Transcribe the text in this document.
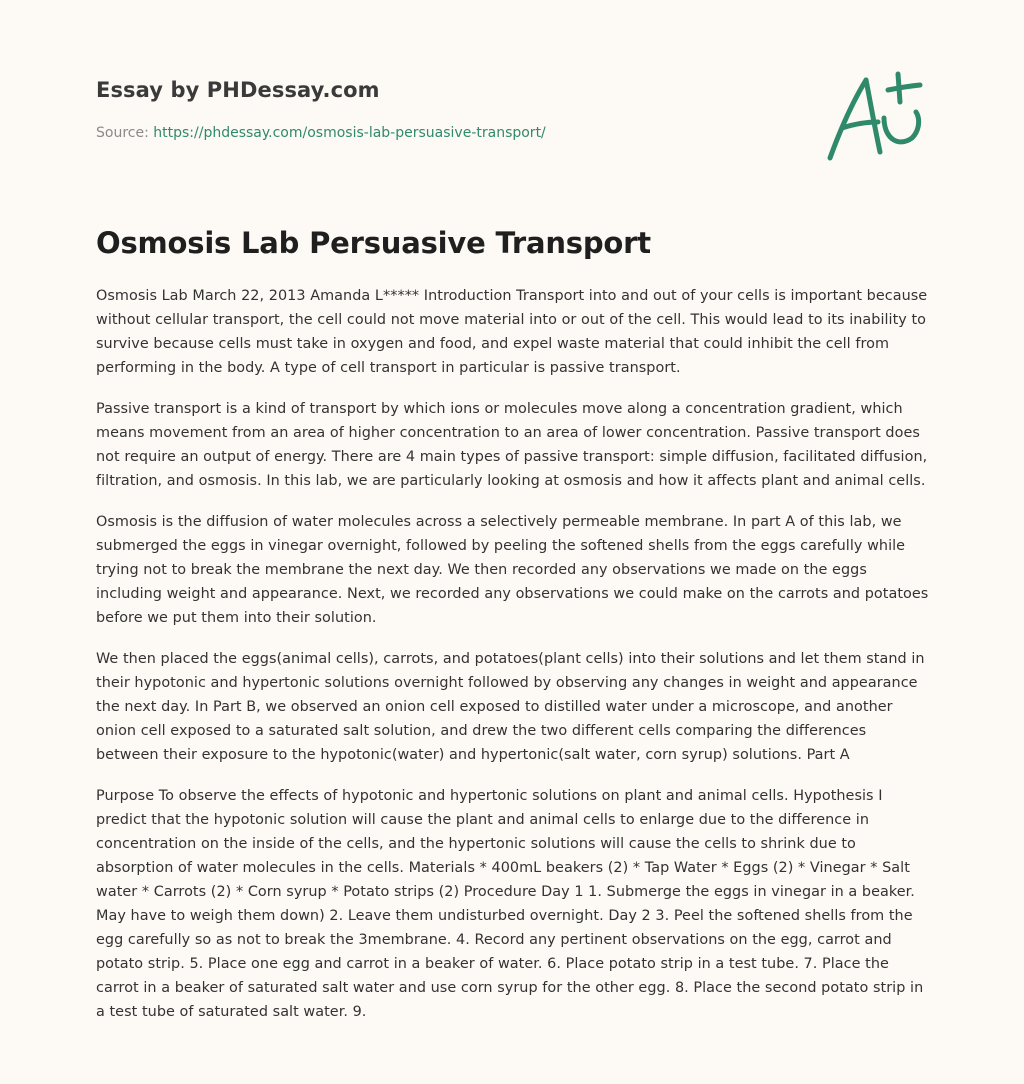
Essay by PHDessay.com
Source: https://phdessay.com/osmosis-lab-persuasive-transport/
Osmosis Lab Persuasive Transport

Osmosis Lab March 22, 2013 Amanda L***** Introduction Transport into and out of your cells is important because without cellular transport, the cell could not move material into or out of the cell. This would lead to its inability to survive because cells must take in oxygen and food, and expel waste material that could inhibit the cell from performing in the body. A type of cell transport in particular is passive transport.

Passive transport is a kind of transport by which ions or molecules move along a concentration gradient, which means movement from an area of higher concentration to an area of lower concentration. Passive transport does not require an output of energy. There are 4 main types of passive transport: simple diffusion, facilitated diffusion, filtration, and osmosis. In this lab, we are particularly looking at osmosis and how it affects plant and animal cells.

Osmosis is the diffusion of water molecules across a selectively permeable membrane. In part A of this lab, we submerged the eggs in vinegar overnight, followed by peeling the softened shells from the eggs carefully while trying not to break the membrane the next day. We then recorded any observations we made on the eggs including weight and appearance. Next, we recorded any observations we could make on the carrots and potatoes before we put them into their solution.

We then placed the eggs(animal cells), carrots, and potatoes(plant cells) into their solutions and let them stand in their hypotonic and hypertonic solutions overnight followed by observing any changes in weight and appearance the next day. In Part B, we observed an onion cell exposed to distilled water under a microscope, and another onion cell exposed to a saturated salt solution, and drew the two different cells comparing the differences between their exposure to the hypotonic(water) and hypertonic(salt water, corn syrup) solutions. Part A

Purpose To observe the effects of hypotonic and hypertonic solutions on plant and animal cells. Hypothesis I predict that the hypotonic solution will cause the plant and animal cells to enlarge due to the difference in concentration on the inside of the cells, and the hypertonic solutions will cause the cells to shrink due to absorption of water molecules in the cells. Materials * 400mL beakers (2) * Tap Water * Eggs (2) * Vinegar * Salt water * Carrots (2) * Corn syrup * Potato strips (2) Procedure Day 1 1. Submerge the eggs in vinegar in a beaker. May have to weigh them down) 2. Leave them undisturbed overnight. Day 2 3. Peel the softened shells from the egg carefully so as not to break the 3membrane. 4. Record any pertinent observations on the egg, carrot and potato strip. 5. Place one egg and carrot in a beaker of water. 6. Place potato strip in a test tube. 7. Place the carrot in a beaker of saturated salt water and use corn syrup for the other egg. 8. Place the second potato strip in a test tube of saturated salt water. 9.
